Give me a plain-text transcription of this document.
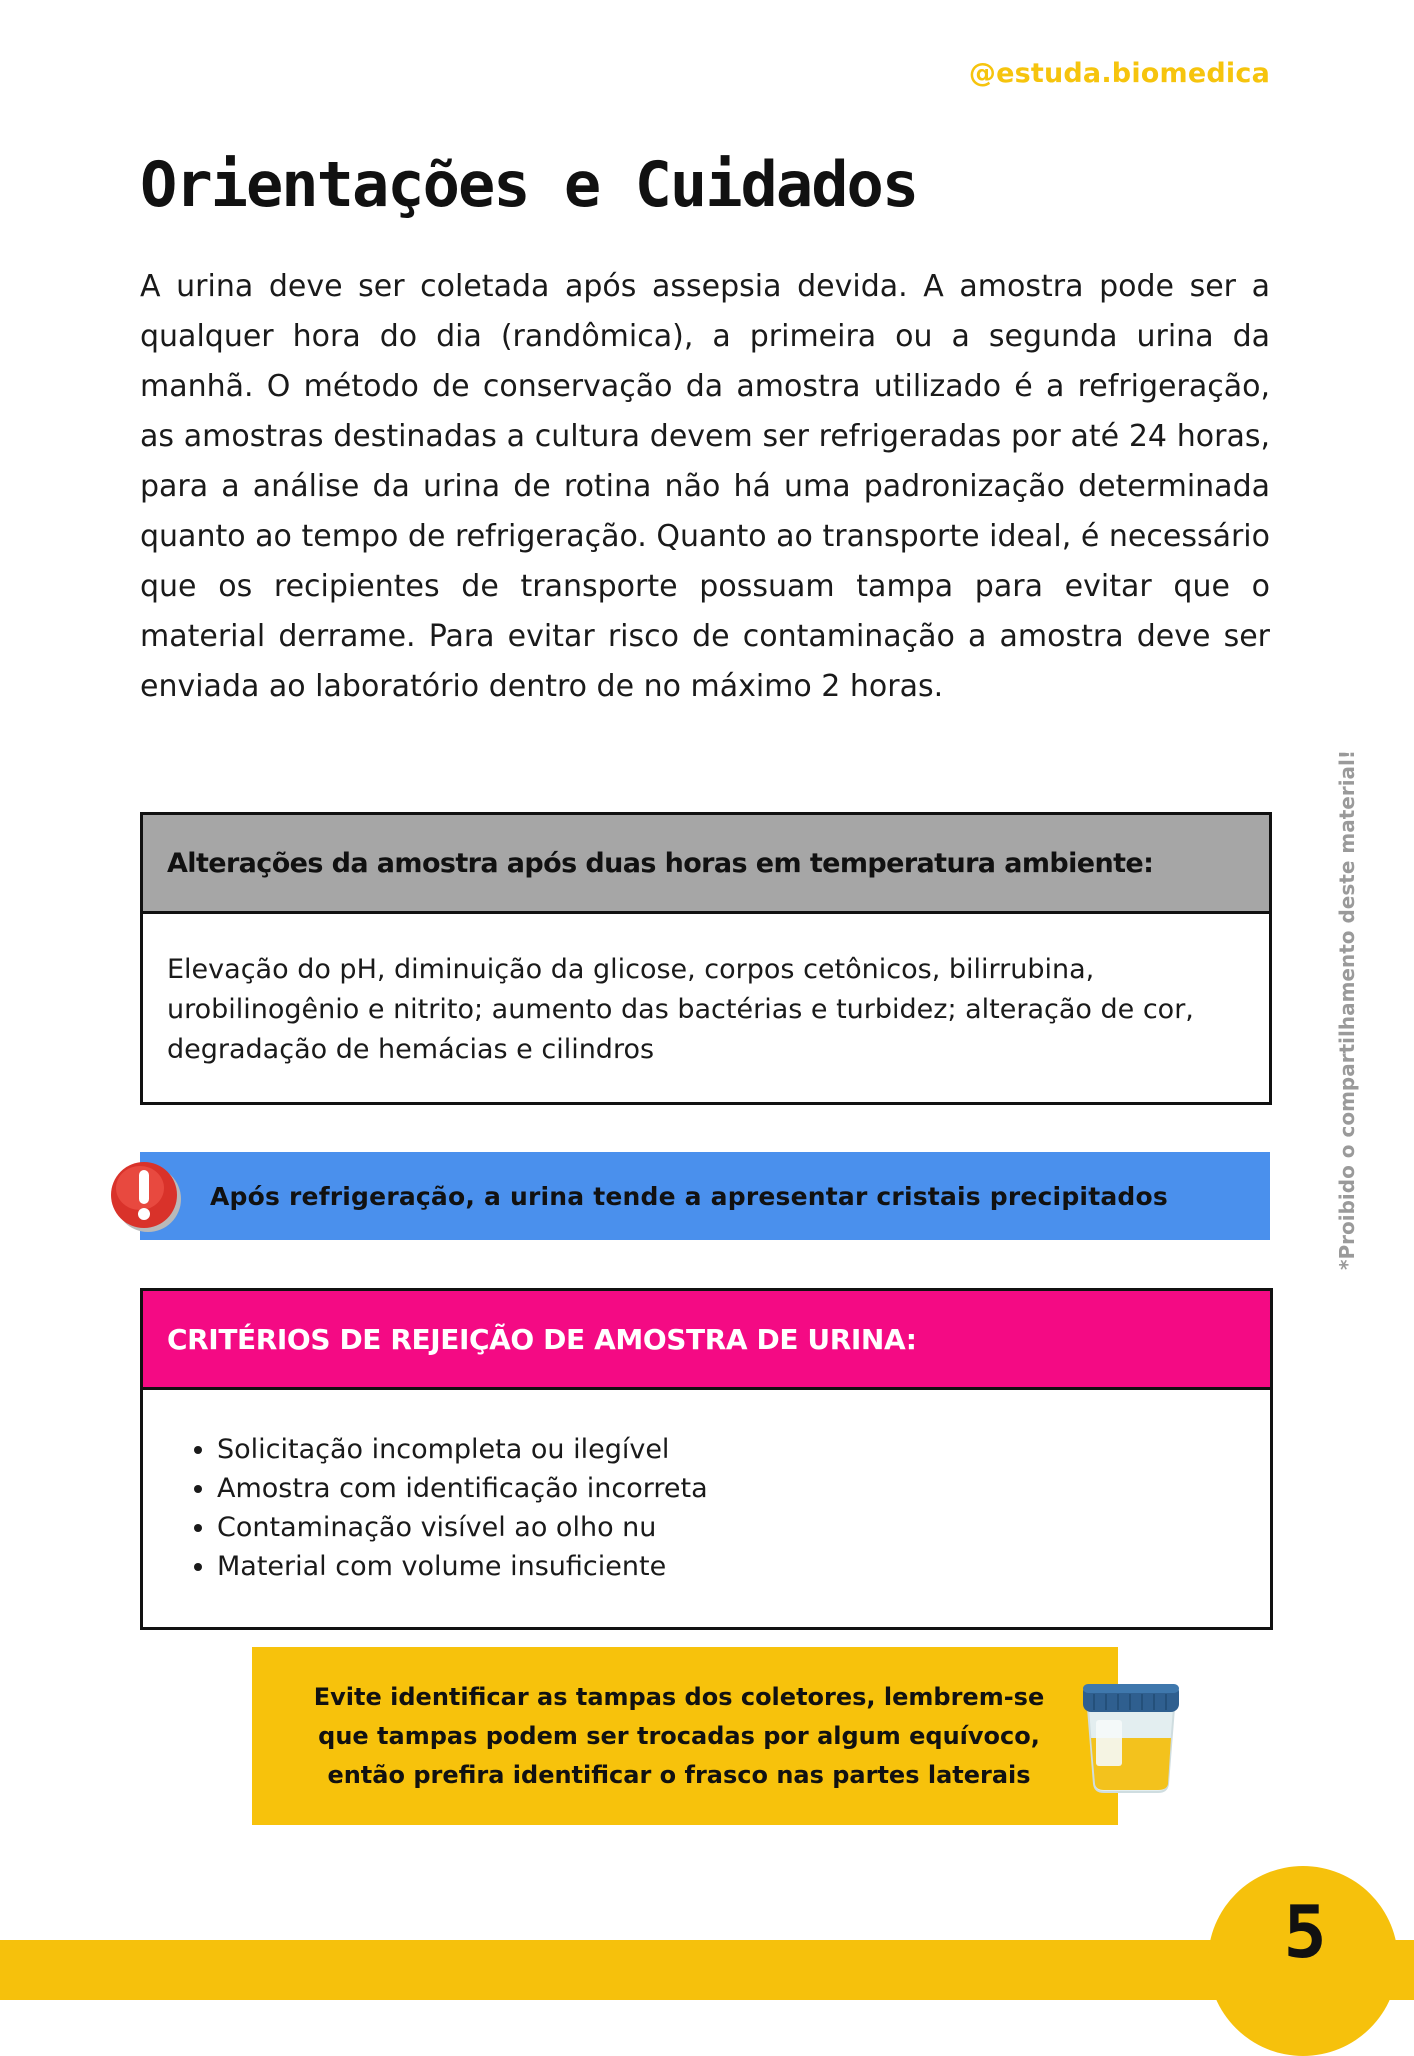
@estuda.biomedica
Orientações e Cuidados

A urina deve ser coletada após assepsia devida. A amostra pode ser a qualquer hora do dia (randômica), a primeira ou a segunda urina da manhã. O método de conservação da amostra utilizado é a refrigeração, as amostras destinadas a cultura devem ser refrigeradas por até 24 horas, para a análise da urina de rotina não há uma padronização determinada quanto ao tempo de refrigeração. Quanto ao transporte ideal, é necessário que os recipientes de transporte possuam tampa para evitar que o material derrame. Para evitar risco de contaminação a amostra deve ser enviada ao laboratório dentro de no máximo 2 horas.

Alterações da amostra após duas horas em temperatura ambiente:
Elevação do pH, diminuição da glicose, corpos cetônicos, bilirrubina, urobilinogênio e nitrito; aumento das bactérias e turbidez; alteração de cor, degradação de hemácias e cilindros
Após refrigeração, a urina tende a apresentar cristais precipitados
CRITÉRIOS DE REJEIÇÃO DE AMOSTRA DE URINA:
• Solicitação incompleta ou ilegível
• Amostra com identificação incorreta
• Contaminação visível ao olho nu
• Material com volume insuficiente
Evite identificar as tampas dos coletores, lembrem-se
que tampas podem ser trocadas por algum equívoco,
então prefira identificar o frasco nas partes laterais
*Proibido o compartilhamento deste material!
5
